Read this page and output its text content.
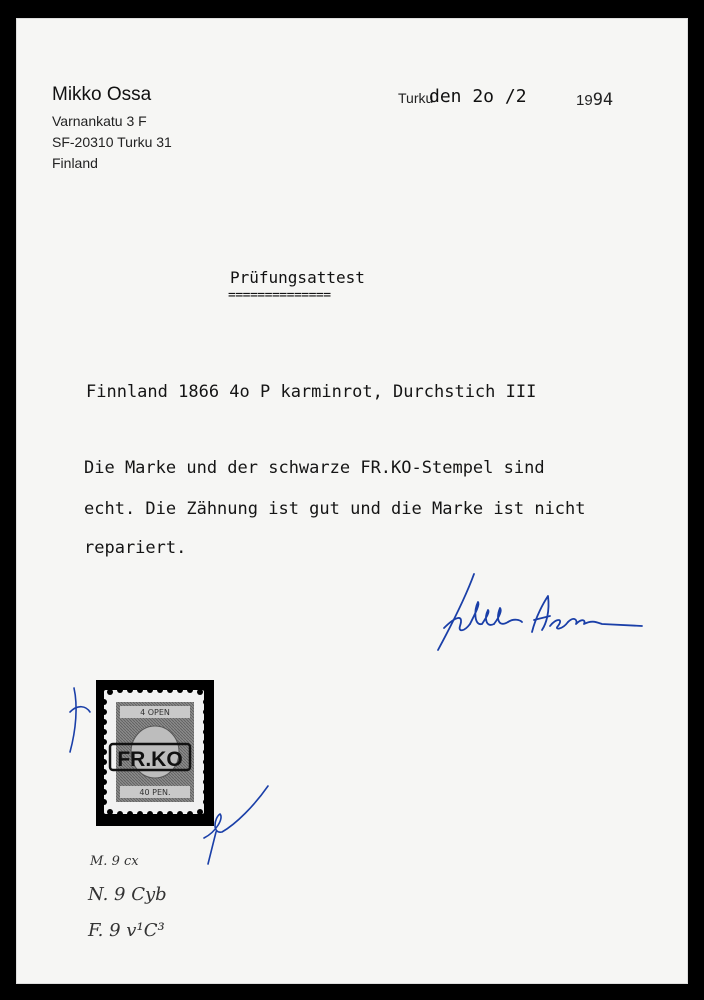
Mikko Ossa
Varnankatu 3 F
SF-20310 Turku 31
Finland
Turku
den 2o /2	1994
Prüfungsattest
==============
Finnland 1866 4o P karminrot, Durchstich III
Die Marke und der schwarze FR.KO-Stempel sind
echt. Die Zähnung ist gut und die Marke ist nicht
repariert.
4 OPEN
40 PEN.
FR.KO
M. 9 cx
N. 9 Cyb
F. 9 v¹C³
